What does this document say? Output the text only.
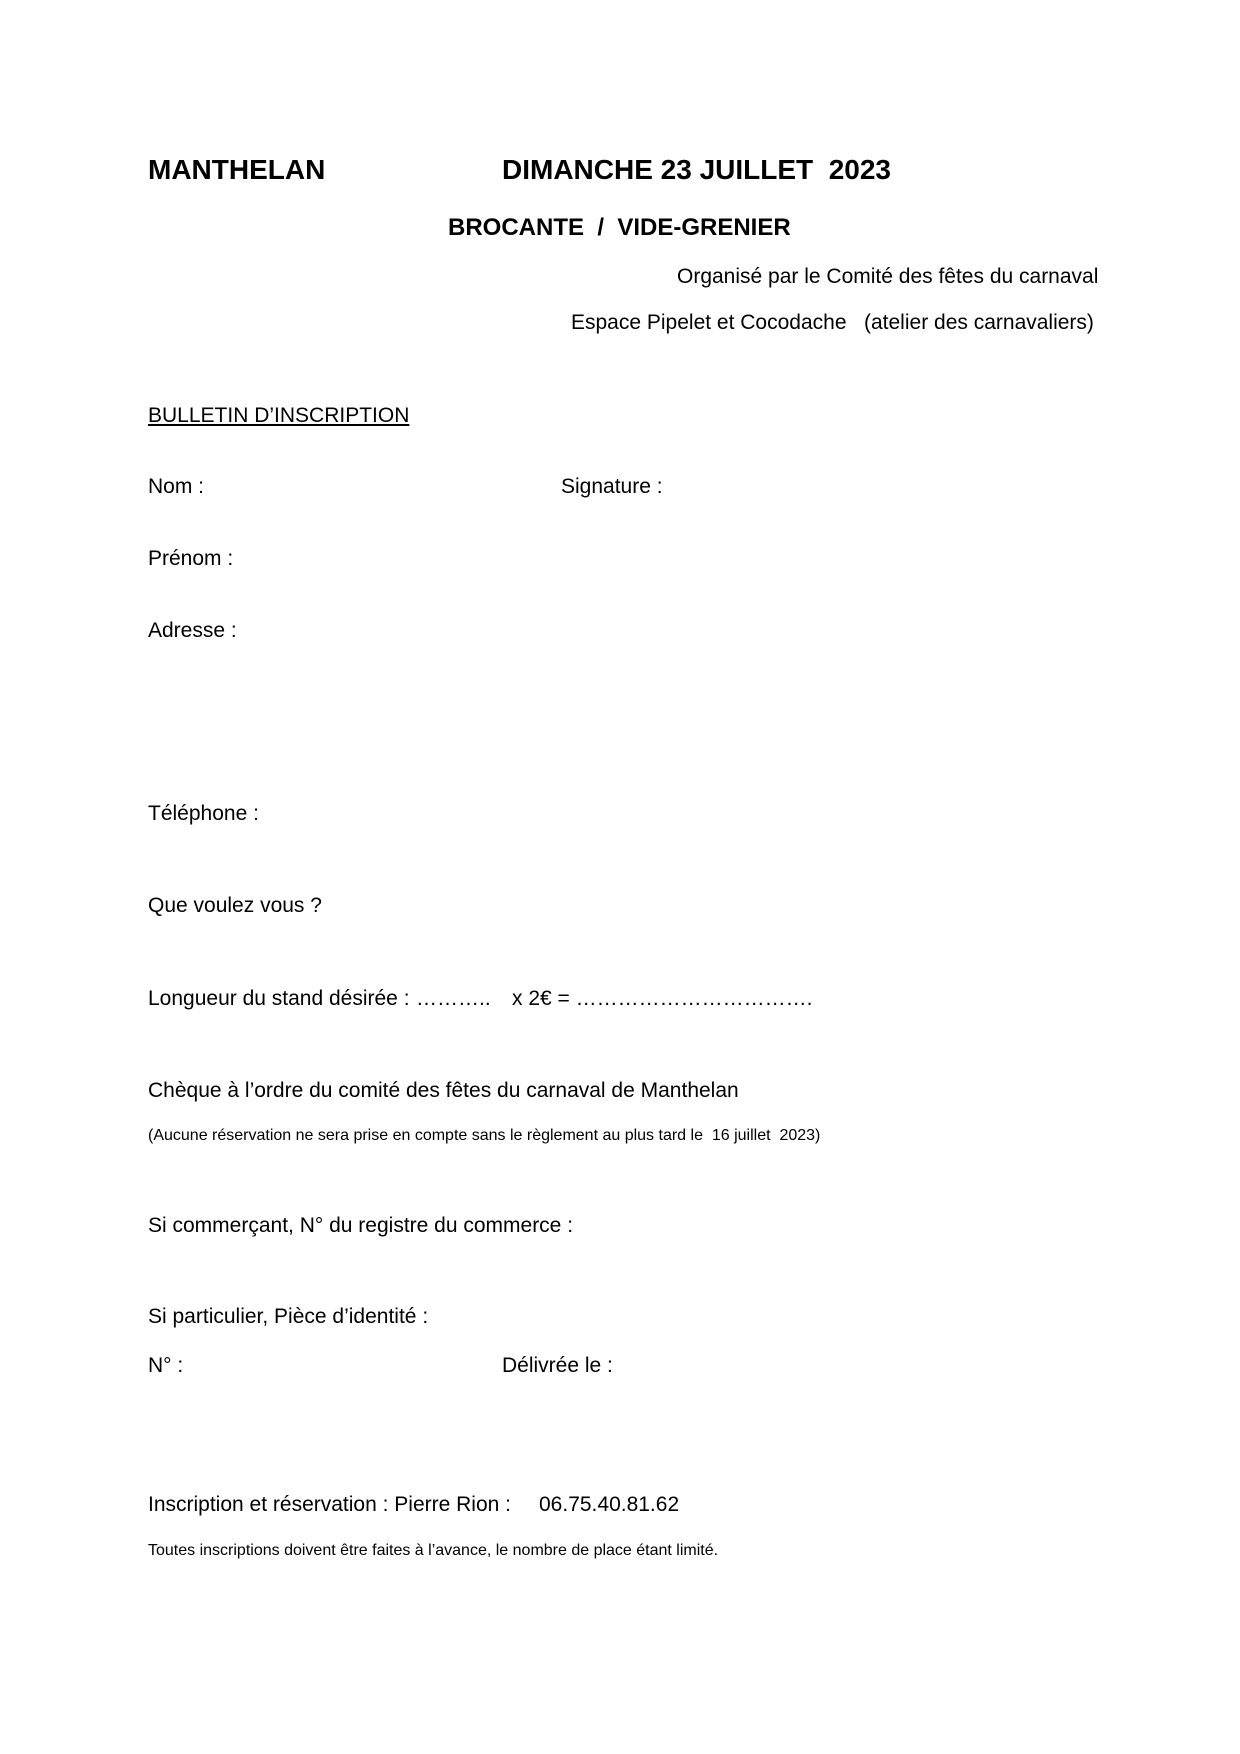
MANTHELAN	DIMANCHE 23 JUILLET  2023
BROCANTE  /  VIDE-GRENIER
Organisé par le Comité des fêtes du carnaval
Espace Pipelet et Cocodache (atelier des carnavaliers)
BULLETIN D’INSCRIPTION
Nom :	Signature :
Prénom :
Adresse :
Téléphone :
Que voulez vous ?
Longueur du stand désirée : ……….. x 2€ = …………………………….
Chèque à l’ordre du comité des fêtes du carnaval de Manthelan
(Aucune réservation ne sera prise en compte sans le règlement au plus tard le  16 juillet  2023)
Si commerçant, N° du registre du commerce :
Si particulier, Pièce d’identité :
N° :	Délivrée le :
Inscription et réservation : Pierre Rion : 06.75.40.81.62
Toutes inscriptions doivent être faites à l’avance, le nombre de place étant limité.
